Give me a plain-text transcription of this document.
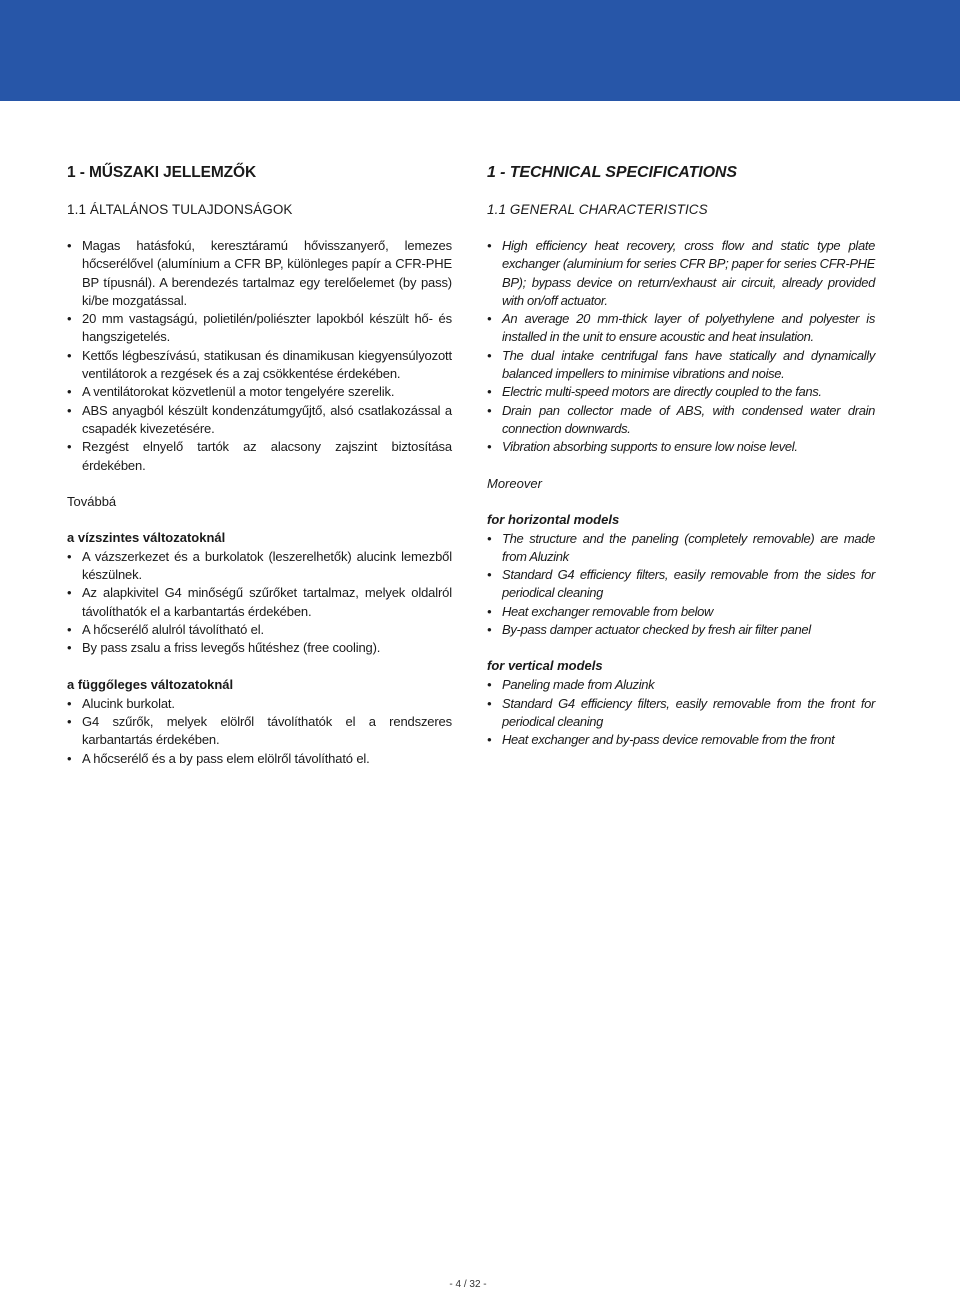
1 - MŰSZAKI JELLEMZŐK
1.1 ÁLTALÁNOS TULAJDONSÁGOK
• Magas hatásfokú, keresztáramú hővisszanyerő, lemezes hőcserélővel (alumínium a CFR BP, különleges papír a CFR-PHE BP típusnál). A berendezés tartalmaz egy terelőelemet (by pass) ki/be mozgatással.
• 20 mm vastagságú, polietilén/poliészter lapokból készült hő- és hangszigetelés.
• Kettős légbeszívású, statikusan és dinamikusan kiegyensúlyozott ventilátorok a rezgések és a zaj csökkentése érdekében.
• A ventilátorokat közvetlenül a motor tengelyére szerelik.
• ABS anyagból készült kondenzátumgyűjtő, alsó csatlakozással a csapadék kivezetésére.
• Rezgést elnyelő tartók az alacsony zajszint biztosítása érdekében.

Továbbá

a vízszintes változatoknál

• A vázszerkezet és a burkolatok (leszerelhetők) alucink lemezből készülnek.
• Az alapkivitel G4 minőségű szűrőket tartalmaz, melyek oldalról távolíthatók el a karbantartás érdekében.
• A hőcserélő alulról távolítható el.
• By pass zsalu a friss levegős hűtéshez (free cooling).

a függőleges változatoknál

• Alucink burkolat.
• G4 szűrők, melyek elölről távolíthatók el a rendszeres karbantartás érdekében.
• A hőcserélő és a by pass elem elölről távolítható el.
1 - TECHNICAL SPECIFICATIONS
1.1 GENERAL CHARACTERISTICS
• High efficiency heat recovery, cross flow and static type plate exchanger (aluminium for series CFR BP; paper for series CFR-PHE BP); bypass device on return/exhaust air circuit, already provided with on/off actuator.
• An average 20 mm-thick layer of polyethylene and polyester is installed in the unit to ensure acoustic and heat insulation.
• The dual intake centrifugal fans have statically and dynamically balanced impellers to minimise vibrations and noise.
• Electric multi-speed motors are directly coupled to the fans.
• Drain pan collector made of ABS, with condensed water drain connection downwards.
• Vibration absorbing supports to ensure low noise level.

Moreover

for horizontal models

• The structure and the paneling (completely removable) are made from Aluzink
• Standard G4 efficiency filters, easily removable from the sides for periodical cleaning
• Heat exchanger removable from below
• By-pass damper actuator checked by fresh air filter panel

for vertical models

• Paneling made from Aluzink
• Standard G4 efficiency filters, easily removable from the front for periodical cleaning
• Heat exchanger and by-pass device removable from the front
- 4 / 32 -
